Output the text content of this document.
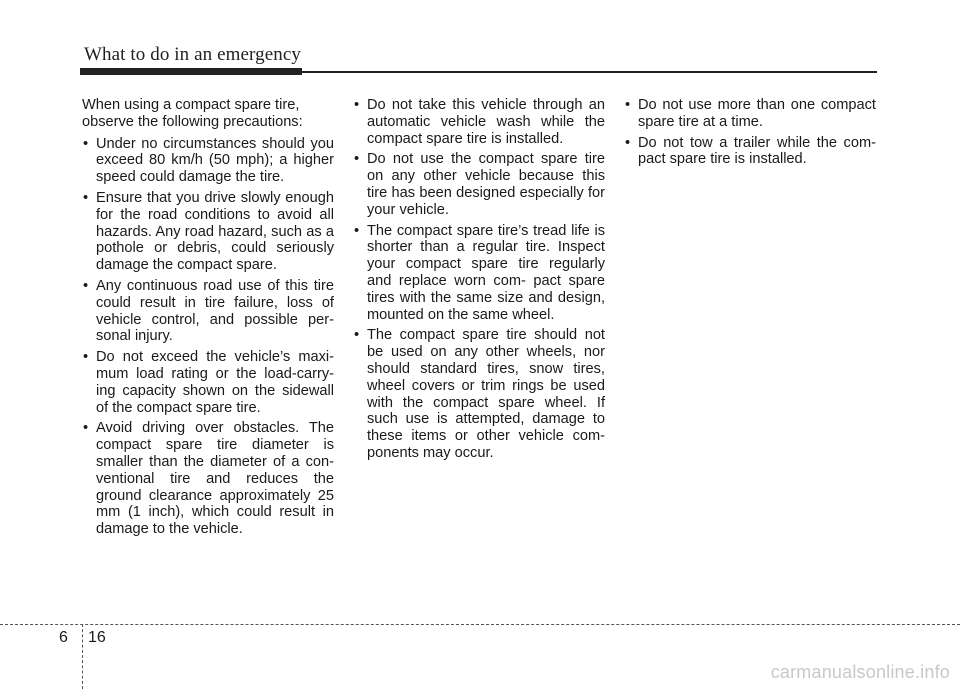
What to do in an emergency

When using a compact spare tire, observe the following precautions:

• Under no circumstances should you exceed 80 km/h (50 mph); a higher speed could damage the tire.
• Ensure that you drive slowly enough for the road conditions to avoid all hazards. Any road hazard, such as a pothole or debris, could seriously damage the compact spare.
• Any continuous road use of this tire could result in tire failure, loss of vehicle control, and possible per- sonal injury.
• Do not exceed the vehicle’s maxi- mum load rating or the load-carry- ing capacity shown on the sidewall of the compact spare tire.
• Avoid driving over obstacles. The compact spare tire diameter is smaller than the diameter of a con- ventional tire and reduces the ground clearance approximately 25 mm (1 inch), which could result in damage to the vehicle.
• Do not take this vehicle through an automatic vehicle wash while the compact spare tire is installed.
• Do not use the compact spare tire on any other vehicle because this tire has been designed especially for your vehicle.
• The compact spare tire’s tread life is shorter than a regular tire. Inspect your compact spare tire regularly and replace worn com- pact spare tires with the same size and design, mounted on the same wheel.
• The compact spare tire should not be used on any other wheels, nor should standard tires, snow tires, wheel covers or trim rings be used with the compact spare wheel. If such use is attempted, damage to these items or other vehicle com- ponents may occur.
• Do not use more than one compact spare tire at a time.
• Do not tow a trailer while the com- pact spare tire is installed.
6 16
carmanualsonline.info
